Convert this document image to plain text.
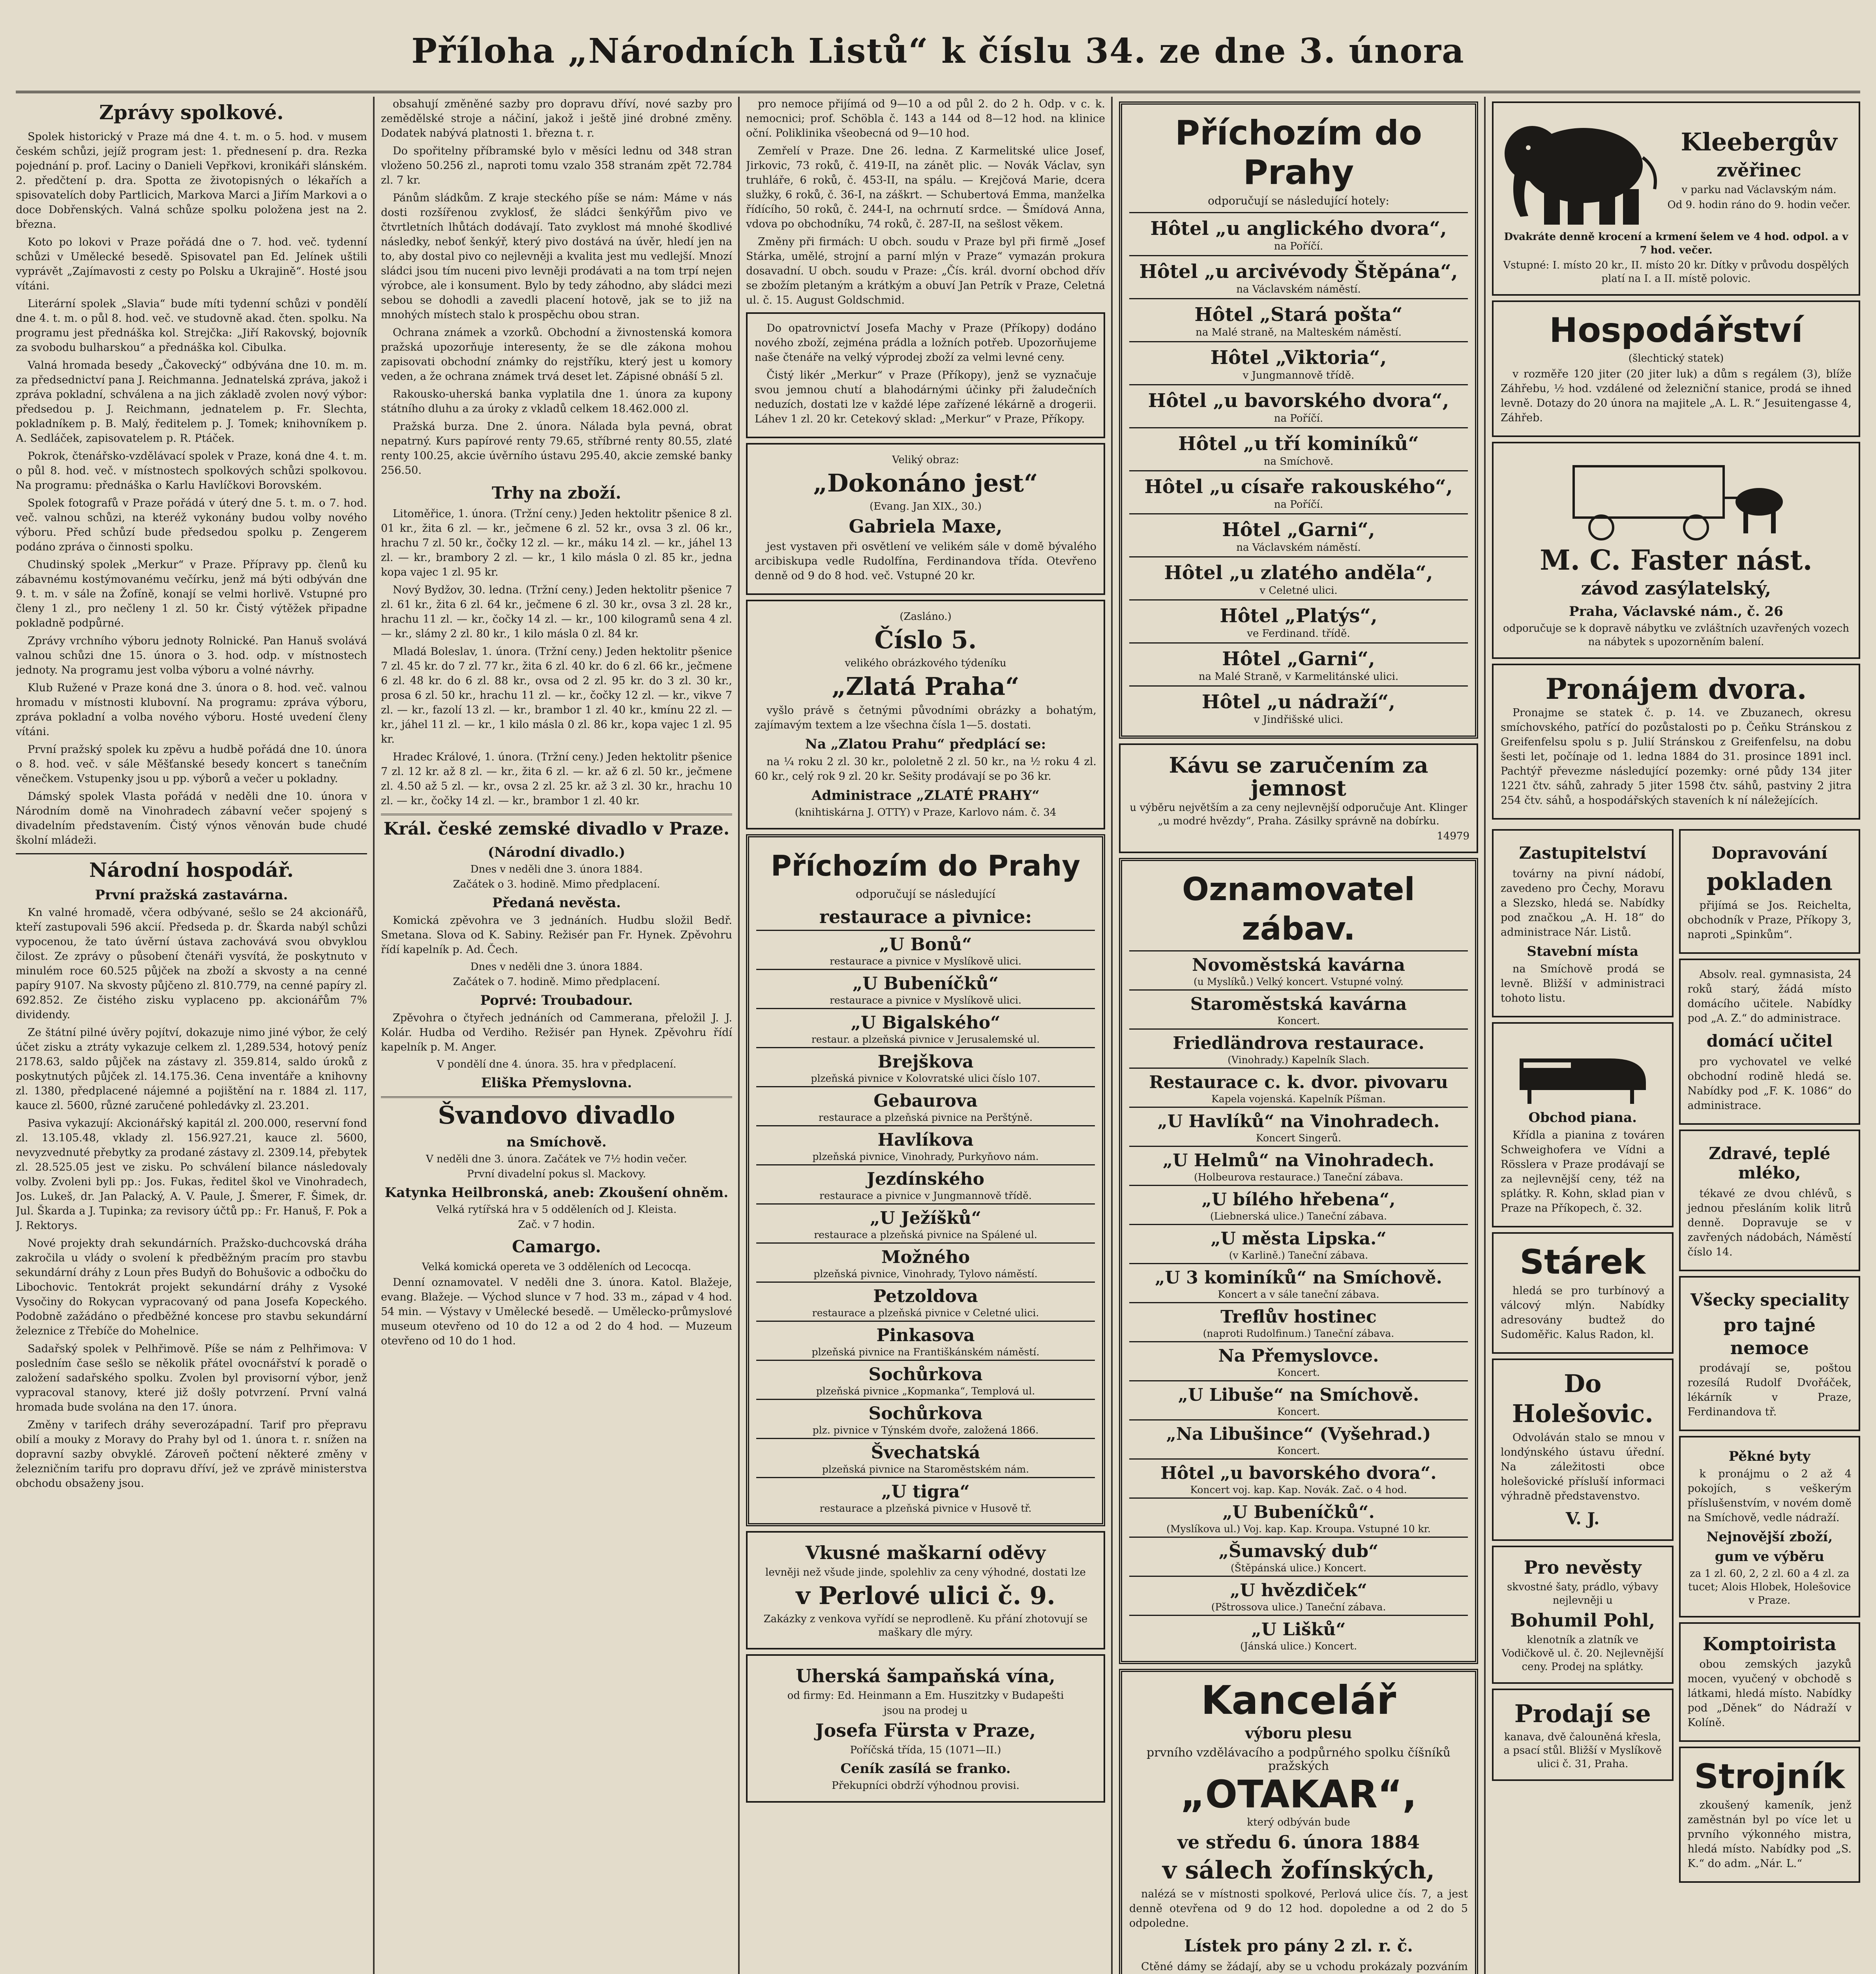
Příloha „Národních Listů“ k číslu 34. ze dne 3. února
Zprávy spolkové.

Spolek historický v Praze má dne 4. t. m. o 5. hod. v musem českém schůzi, jejíž program jest: 1. přednesení p. dra. Rezka pojednání p. prof. Laciny o Danieli Vepřkovi, kronikáři slánském. 2. předčtení p. dra. Spotta ze životopisných o lékařích a spisovatelích doby Partlicich, Markova Marci a Jiřím Markovi a o doce Dobřenských. Valná schůze spolku položena jest na 2. března.

Koto po lokovi v Praze pořádá dne o 7. hod. več. tydenní schůzi v Umělecké besedě. Spisovatel pan Ed. Jelínek uštili vyprávět „Zajímavosti z cesty po Polsku a Ukrajině“. Hosté jsou vítáni.

Literární spolek „Slavia“ bude míti tydenní schůzi v pondělí dne 4. t. m. o půl 8. hod. več. ve studovně akad. čten. spolku. Na programu jest přednáška kol. Strejčka: „Jiří Rakovský, bojovník za svobodu bulharskou“ a přednáška kol. Cibulka.

Valná hromada besedy „Čakovecký“ odbývána dne 10. m. m. za předsednictví pana J. Reichmanna. Jednatelská zpráva, jakož i zpráva pokladní, schválena a na jich základě zvolen nový výbor: předsedou p. J. Reichmann, jednatelem p. Fr. Slechta, pokladníkem p. B. Malý, ředitelem p. J. Tomek; knihovníkem p. A. Sedláček, zapisovatelem p. R. Ptáček.

Pokrok, čtenářsko-vzdělávací spolek v Praze, koná dne 4. t. m. o půl 8. hod. več. v místnostech spolkových schůzi spolkovou. Na programu: přednáška o Karlu Havlíčkovi Borovském.

Spolek fotografů v Praze pořádá v úterý dne 5. t. m. o 7. hod. več. valnou schůzi, na kteréž vykonány budou volby nového výboru. Před schůzí bude předsedou spolku p. Zengerem podáno zpráva o činnosti spolku.

Chudinský spolek „Merkur“ v Praze. Přípravy pp. členů ku zábavnému kostýmovanému večírku, jenž má býti odbýván dne 9. t. m. v sále na Žofíně, konají se velmi horlivě. Vstupné pro členy 1 zl., pro nečleny 1 zl. 50 kr. Čistý výtěžek připadne pokladně podpůrné.

Zprávy vrchního výboru jednoty Rolnické. Pan Hanuš svolává valnou schůzi dne 15. února o 3. hod. odp. v místnostech jednoty. Na programu jest volba výboru a volné návrhy.

Klub Ružené v Praze koná dne 3. února o 8. hod. več. valnou hromadu v místnosti klubovní. Na programu: zpráva výboru, zpráva pokladní a volba nového výboru. Hosté uvedení členy vítáni.

První pražský spolek ku zpěvu a hudbě pořádá dne 10. února o 8. hod. več. v sále Měšťanské besedy koncert s tanečním věnečkem. Vstupenky jsou u pp. výborů a večer u pokladny.

Dámský spolek Vlasta pořádá v neděli dne 10. února v Národním domě na Vinohradech zábavní večer spojený s divadelním představením. Čistý výnos věnován bude chudé školní mládeži.

Národní hospodář.
První pražská zastavárna.

Kn valné hromadě, včera odbývané, sešlo se 24 akcionářů, kteří zastupovali 596 akcií. Předseda p. dr. Škarda nabýl schůzi vypocenou, že tato úvěrní ústava zachovává svou obvyklou čilost. Ze zprávy o působení čtenáři vysvítá, že poskytnuto v minulém roce 60.525 půjček na zboží a skvosty a na cenné papíry 9107. Na skvosty půjčeno zl. 810.779, na cenné papíry zl. 692.852. Ze čistého zisku vyplaceno pp. akcionářům 7% dividendy.

Ze štátní pilné úvěry pojítví, dokazuje nimo jiné výbor, že celý účet zisku a ztráty vykazuje celkem zl. 1,289.534, hotový peníz 2178.63, saldo půjček na zástavy zl. 359.814, saldo úroků z poskytnutých půjček zl. 14.175.36. Cena inventáře a knihovny zl. 1380, předplacené nájemné a pojištění na r. 1884 zl. 117, kauce zl. 5600, různé zaručené pohledávky zl. 23.201.

Pasiva vykazují: Akcionářský kapitál zl. 200.000, reservní fond zl. 13.105.48, vklady zl. 156.927.21, kauce zl. 5600, nevyzvednuté přebytky za prodané zástavy zl. 2309.14, přebytek zl. 28.525.05 jest ve zisku. Po schválení bilance následovaly volby. Zvoleni byli pp.: Jos. Fukas, ředitel škol ve Vinohradech, Jos. Lukeš, dr. Jan Palacký, A. V. Paule, J. Šmerer, F. Šimek, dr. Jul. Škarda a J. Tupinka; za revisory účtů pp.: Fr. Hanuš, F. Pok a J. Rektorys.

Nové projekty drah sekundárních. Pražsko-duchcovská dráha zakročila u vlády o svolení k předběžným pracím pro stavbu sekundární dráhy z Loun přes Budyň do Bohušovic a odbočku do Libochovic. Tentokrát projekt sekundární dráhy z Vysoké Vysočiny do Rokycan vypracovaný od pana Josefa Kopeckého. Podobně zažádáno o předběžné koncese pro stavbu sekundární železnice z Třebíče do Mohelnice.

Sadařský spolek v Pelhřimově. Píše se nám z Pelhřimova: V posledním čase sešlo se několik přátel ovocnářství k poradě o založení sadařského spolku. Zvolen byl provisorní výbor, jenž vypracoval stanovy, které již došly potvrzení. První valná hromada bude svolána na den 17. února.

Změny v tarifech dráhy severozápadní. Tarif pro přepravu obilí a mouky z Moravy do Prahy byl od 1. února t. r. snížen na dopravní sazby obvyklé. Zároveň počtení některé změny v železničním tarifu pro dopravu dříví, jež ve zprávě ministerstva obchodu obsaženy jsou.

obsahují změněné sazby pro dopravu dříví, nové sazby pro zemědělské stroje a náčiní, jakož i ještě jiné drobné změny. Dodatek nabývá platnosti 1. března t. r.

Do spořitelny příbramské bylo v měsíci lednu od 348 stran vloženo 50.256 zl., naproti tomu vzalo 358 stranám zpět 72.784 zl. 7 kr.

Pánům sládkům. Z kraje steckého píše se nám: Máme v nás dosti rozšířenou zvyklosť, že sládci šenkýřům pivo ve čtvrtletních lhůtách dodávají. Tato zvyklost má mnohé škodlivé následky, neboť šenkýř, který pivo dostává na úvěr, hledí jen na to, aby dostal pivo co nejlevněji a kvalita jest mu vedlejší. Mnozí sládci jsou tím nuceni pivo levněji prodávati a na tom trpí nejen výrobce, ale i konsument. Bylo by tedy záhodno, aby sládci mezi sebou se dohodli a zavedli placení hotově, jak se to již na mnohých místech stalo k prospěchu obou stran.

Ochrana známek a vzorků. Obchodní a živnostenská komora pražská upozorňuje interesenty, že se dle zákona mohou zapisovati obchodní známky do rejstříku, který jest u komory veden, a že ochrana známek trvá deset let. Zápisné obnáší 5 zl.

Rakousko-uherská banka vyplatila dne 1. února za kupony státního dluhu a za úroky z vkladů celkem 18.462.000 zl.

Pražská burza. Dne 2. února. Nálada byla pevná, obrat nepatrný. Kurs papírové renty 79.65, stříbrné renty 80.55, zlaté renty 100.25, akcie úvěrního ústavu 295.40, akcie zemské banky 256.50.

Trhy na zboží.

Litoměřice, 1. února. (Tržní ceny.) Jeden hektolitr pšenice 8 zl. 01 kr., žita 6 zl. — kr., ječmene 6 zl. 52 kr., ovsa 3 zl. 06 kr., hrachu 7 zl. 50 kr., čočky 12 zl. — kr., máku 14 zl. — kr., jáhel 13 zl. — kr., brambory 2 zl. — kr., 1 kilo másla 0 zl. 85 kr., jedna kopa vajec 1 zl. 95 kr.

Nový Bydžov, 30. ledna. (Tržní ceny.) Jeden hektolitr pšenice 7 zl. 61 kr., žita 6 zl. 64 kr., ječmene 6 zl. 30 kr., ovsa 3 zl. 28 kr., hrachu 11 zl. — kr., čočky 14 zl. — kr., 100 kilogramů sena 4 zl. — kr., slámy 2 zl. 80 kr., 1 kilo másla 0 zl. 84 kr.

Mladá Boleslav, 1. února. (Tržní ceny.) Jeden hektolitr pšenice 7 zl. 45 kr. do 7 zl. 77 kr., žita 6 zl. 40 kr. do 6 zl. 66 kr., ječmene 6 zl. 48 kr. do 6 zl. 88 kr., ovsa od 2 zl. 95 kr. do 3 zl. 30 kr., prosa 6 zl. 50 kr., hrachu 11 zl. — kr., čočky 12 zl. — kr., vikve 7 zl. — kr., fazolí 13 zl. — kr., brambor 1 zl. 40 kr., kmínu 22 zl. — kr., jáhel 11 zl. — kr., 1 kilo másla 0 zl. 86 kr., kopa vajec 1 zl. 95 kr.

Hradec Králové, 1. února. (Tržní ceny.) Jeden hektolitr pšenice 7 zl. 12 kr. až 8 zl. — kr., žita 6 zl. — kr. až 6 zl. 50 kr., ječmene zl. 4.50 až 5 zl. — kr., ovsa 2 zl. 25 kr. až 3 zl. 30 kr., hrachu 10 zl. — kr., čočky 14 zl. — kr., brambor 1 zl. 40 kr.

Král. české zemské divadlo v Praze.
(Národní divadlo.)
Dnes v neděli dne 3. února 1884.
Začátek o 3. hodině. Mimo předplacení.
Předaná nevěsta.

Komická zpěvohra ve 3 jednáních. Hudbu složil Bedř. Smetana. Slova od K. Sabiny. Režisér pan Fr. Hynek. Zpěvohru řídí kapelník p. Ad. Čech.

Dnes v neděli dne 3. února 1884.
Začátek o 7. hodině. Mimo předplacení.
Poprvé: Troubadour.

Zpěvohra o čtyřech jednáních od Cammerana, přeložil J. J. Kolár. Hudba od Verdiho. Režisér pan Hynek. Zpěvohru řídí kapelník p. M. Anger.

V pondělí dne 4. února. 35. hra v předplacení.
Eliška Přemyslovna.
Švandovo divadlo
na Smíchově.
V neděli dne 3. února. Začátek ve 7½ hodin večer.
První divadelní pokus sl. Mackovy.
Katynka Heilbronská, aneb: Zkoušení ohněm.
Velká rytířská hra v 5 odděleních od J. Kleista.
Zač. v 7 hodin.
Camargo.
Velká komická opereta ve 3 odděleních od Lecocqa.

Denní oznamovatel. V neděli dne 3. února. Katol. Blažeje, evang. Blažeje. — Východ slunce v 7 hod. 33 m., západ v 4 hod. 54 min. — Výstavy v Umělecké besedě. — Umělecko-průmyslové museum otevřeno od 10 do 12 a od 2 do 4 hod. — Muzeum otevřeno od 10 do 1 hod.

pro nemoce přijímá od 9—10 a od půl 2. do 2 h. Odp. v c. k. nemocnici; prof. Schöbla č. 143 a 144 od 8—12 hod. na klinice oční. Poliklinika všeobecná od 9—10 hod.

Zemřelí v Praze. Dne 26. ledna. Z Karmelitské ulice Josef, Jirkovic, 73 roků, č. 419-II, na zánět plic. — Novák Václav, syn truhláře, 6 roků, č. 453-II, na spálu. — Krejčová Marie, dcera služky, 6 roků, č. 36-I, na záškrt. — Schubertová Emma, manželka řídícího, 50 roků, č. 244-I, na ochrnutí srdce. — Šmídová Anna, vdova po obchodníku, 74 roků, č. 287-II, na sešlost věkem.

Změny při firmách: U obch. soudu v Praze byl při firmě „Josef Stárka, umělé, strojní a parní mlýn v Praze“ vymazán prokura dosavadní. U obch. soudu v Praze: „Čís. král. dvorní obchod dřív se zbožím pletaným a krátkým a obuví Jan Petrík v Praze, Celetná ul. č. 15. August Goldschmid.

Do opatrovnictví Josefa Machy v Praze (Příkopy) dodáno nového zboží, zejména prádla a ložních potřeb. Upozorňujeme naše čtenáře na velký výprodej zboží za velmi levné ceny.

Čistý likér „Merkur“ v Praze (Příkopy), jenž se vyznačuje svou jemnou chutí a blahodárnými účinky při žaludečních neduzích, dostati lze v každé lépe zařízené lékárně a drogerii. Láhev 1 zl. 20 kr. Cetekový sklad: „Merkur“ v Praze, Příkopy.

Veliký obraz:
„Dokonáno jest“
(Evang. Jan XIX., 30.)
Gabriela Maxe,

jest vystaven při osvětlení ve velikém sále v domě bývalého arcibiskupa vedle Rudolfína, Ferdinandova třída. Otevřeno denně od 9 do 8 hod. več. Vstupné 20 kr.

(Zasláno.)
Číslo 5.
velikého obrázkového týdeníku
„Zlatá Praha“

vyšlo právě s četnými původními obrázky a bohatým, zajímavým textem a lze všechna čísla 1—5. dostati.

Na „Zlatou Prahu“ předplácí se:

na ¼ roku 2 zl. 30 kr., pololetně 2 zl. 50 kr., na ½ roku 4 zl. 60 kr., celý rok 9 zl. 20 kr. Sešity prodávají se po 36 kr.

Administrace „ZLATÉ PRAHY“
(knihtiskárna J. OTTY) v Praze, Karlovo nám. č. 34
Příchozím do Prahy
odporučují se následující
restaurace a pivnice:
„U Bonů“
restaurace a pivnice v Myslíkově ulici.
„U Bubeníčků“
restaurace a pivnice v Myslíkově ulici.
„U Bigalského“
restaur. a plzeňská pivnice v Jerusalemské ul.
Brejškova
plzeňská pivnice v Kolovratské ulici číslo 107.
Gebaurova
restaurace a plzeňská pivnice na Perštýně.
Havlíkova
plzeňská pivnice, Vinohrady, Purkyňovo nám.
Jezdínského
restaurace a pivnice v Jungmannově třídě.
„U Ježíšků“
restaurace a plzeňská pivnice na Spálené ul.
Možného
plzeňská pivnice, Vinohrady, Tylovo náměstí.
Petzoldova
restaurace a plzeňská pivnice v Celetné ulici.
Pinkasova
plzeňská pivnice na Františkánském náměstí.
Sochůrkova
plzeňská pivnice „Kopmanka“, Templová ul.
Sochůrkova
plz. pivnice v Týnském dvoře, založená 1866.
Švechatská
plzeňská pivnice na Staroměstském nám.
„U tigra“
restaurace a plzeňská pivnice v Husově tř.
Vkusné maškarní oděvy
levněji než všude jinde, spolehliv za ceny výhodné, dostati lze
v Perlové ulici č. 9.
Zakázky z venkova vyřídí se neprodleně. Ku přání zhotovují se maškary dle mýry.
Uherská šampaňská vína,
od firmy: Ed. Heinmann a Em. Huszitzky v Budapešti
jsou na prodej u
Josefa Fürsta v Praze,
Poříčská třída, 15 (1071—II.)
Ceník zasílá se franko.
Překupníci obdrží výhodnou provisi.
Příchozím do Prahy
odporučují se následující hotely:
Hôtel „u anglického dvora“,
na Poříčí.
Hôtel „u arcivévody Štěpána“,
na Václavském náměstí.
Hôtel „Stará pošta“
na Malé straně, na Malteském náměstí.
Hôtel „Viktoria“,
v Jungmannově třídě.
Hôtel „u bavorského dvora“,
na Poříčí.
Hôtel „u tří kominíků“
na Smíchově.
Hôtel „u císaře rakouského“,
na Poříčí.
Hôtel „Garni“,
na Václavském náměstí.
Hôtel „u zlatého anděla“,
v Celetné ulici.
Hôtel „Platýs“,
ve Ferdinand. třídě.
Hôtel „Garni“,
na Malé Straně, v Karmelitánské ulici.
Hôtel „u nádraží“,
v Jindřišské ulici.
Kávu se zaručením za jemnost
u výběru největším a za ceny nejlevnější odporučuje Ant. Klinger „u modré hvězdy“, Praha. Zásilky správně na dobírku.
14979
Oznamovatel zábav.
Novoměstská kavárna
(u Myslíků.) Velký koncert. Vstupné volný.
Staroměstská kavárna
Koncert.
Friedländrova restaurace.
(Vinohrady.) Kapelník Slach.
Restaurace c. k. dvor. pivovaru
Kapela vojenská. Kapelník Píšman.
„U Havlíků“ na Vinohradech.
Koncert Singerů.
„U Helmů“ na Vinohradech.
(Holbeurova restaurace.) Taneční zábava.
„U bílého hřebena“,
(Liebnerská ulice.) Taneční zábava.
„U města Lipska.“
(v Karlině.) Taneční zábava.
„U 3 kominíků“ na Smíchově.
Koncert a v sále taneční zábava.
Treflův hostinec
(naproti Rudolfinum.) Taneční zábava.
Na Přemyslovce.
Koncert.
„U Libuše“ na Smíchově.
Koncert.
„Na Libušince“ (Vyšehrad.)
Koncert.
Hôtel „u bavorského dvora“.
Koncert voj. kap. Kap. Novák. Zač. o 4 hod.
„U Bubeníčků“.
(Myslíkova ul.) Voj. kap. Kap. Kroupa. Vstupné 10 kr.
„Šumavský dub“
(Štěpánská ulice.) Koncert.
„U hvězdiček“
(Pštrossova ulice.) Taneční zábava.
„U Lišků“
(Jánská ulice.) Koncert.
Kancelář
výboru plesu
prvního vzdělávacího a podpůrného spolku číšníků pražských
„OTAKAR“,
který odbýván bude
ve středu 6. února 1884
v sálech žofínských,

nalézá se v místnosti spolkové, Perlová ulice čís. 7, a jest denně otevřena od 9 do 12 hod. dopoledne a od 2 do 5 odpoledne.

Lístek pro pány 2 zl. r. č.

Ctěné dámy se žádají, aby se u vchodu prokázaly pozváním

Kleebergův
zvěřinec
v parku nad Václavským nám.
Od 9. hodin ráno do 9. hodin večer.
Dvakráte denně krocení a krmení šelem ve 4 hod. odpol. a v 7 hod. večer.
Vstupné: I. místo 20 kr., II. místo 20 kr. Dítky v průvodu dospělých platí na I. a II. místě polovic.
Hospodářství
(šlechtický statek)

v rozměře 120 jiter (20 jiter luk) a dům s regálem (3), blíže Záhřebu, ½ hod. vzdálené od železniční stanice, prodá se ihned levně. Dotazy do 20 února na majitele „A. L. R.“ Jesuitengasse 4, Záhřeb.

M. C. Faster nást.
závod zasýlatelský,
Praha, Václavské nám., č. 26
odporučuje se k dopravě nábytku ve zvláštních uzavřených vozech na nábytek s upozorněním balení.
Pronájem dvora.

Pronajme se statek č. p. 14. ve Zbuzanech, okresu smíchovského, patřící do pozůstalosti po p. Čeňku Stránskou z Greifenfelsu spolu s p. Julií Stránskou z Greifenfelsu, na dobu šesti let, počínaje od 1. ledna 1884 do 31. prosince 1891 incl. Pachtýř převezme následující pozemky: orné půdy 134 jiter 1221 čtv. sáhů, zahrady 5 jiter 1598 čtv. sáhů, pastviny 2 jitra 254 čtv. sáhů, a hospodářských staveních k ní náležejících.

Zastupitelství

továrny na pivní nádobí, zavedeno pro Čechy, Moravu a Slezsko, hledá se. Nabídky pod značkou „A. H. 18“ do administrace Nár. Listů.

Stavební místa

na Smíchově prodá se levně. Bližší v administraci tohoto listu.

Obchod piana.

Křídla a pianina z továren Schweighofera ve Vídni a Rösslera v Praze prodávají se za nejlevnější ceny, též na splátky. R. Kohn, sklad pian v Praze na Příkopech, č. 32.

Stárek

hledá se pro turbínový a válcový mlýn. Nabídky adresovány budtež do Sudoměřic. Kalus Radon, kl.

Do Holešovic.

Odvoláván stalo se mnou v londýnského ústavu úřední. Na záležitosti obce holešovické přísluší informaci výhradně představenstvo.

V. J.
Pro nevěsty
skvostné šaty, prádlo, výbavy nejlevněji u
Bohumil Pohl,
klenotník a zlatník ve Vodičkově ul. č. 20. Nejlevnější ceny. Prodej na splátky.
Prodají se
kanava, dvě čalouněná křesla, a psací stůl. Bližší v Myslíkově ulici č. 31, Praha.
Dopravování
pokladen

přijímá se Jos. Reichelta, obchodník v Praze, Příkopy 3, naproti „Spinkům“.

Absolv. real. gymnasista, 24 roků starý, žádá místo domácího učitele. Nabídky pod „A. Z.“ do administrace.

domácí učitel

pro vychovatel ve velké obchodní rodině hledá se. Nabídky pod „F. K. 1086“ do administrace.

Zdravé, teplé mléko,

tékavé ze dvou chlévů, s jednou přesláním kolik litrů denně. Dopravuje se v zavřených nádobách, Náměstí číslo 14.

Všecky speciality
pro tajné nemoce

prodávají se, poštou rozesílá Rudolf Dvořáček, lékárník v Praze, Ferdinandova tř.

Pěkné byty

k pronájmu o 2 až 4 pokojích, s veškerým příslušenstvím, v novém domě na Smíchově, vedle nádraží.

Nejnovější zboží,
gum ve výběru
za 1 zl. 60, 2, 2 zl. 60 a 4 zl. za tucet; Alois Hlobek, Holešovice v Praze.
Komptoirista

obou zemských jazyků mocen, vyučený v obchodě s látkami, hledá místo. Nabídky pod „Děnek“ do Nádraží v Kolíně.

Strojník

zkoušený kameník, jenž zaměstnán byl po více let u prvního výkonného mistra, hledá místo. Nabídky pod „S. K.“ do adm. „Nár. L.“
